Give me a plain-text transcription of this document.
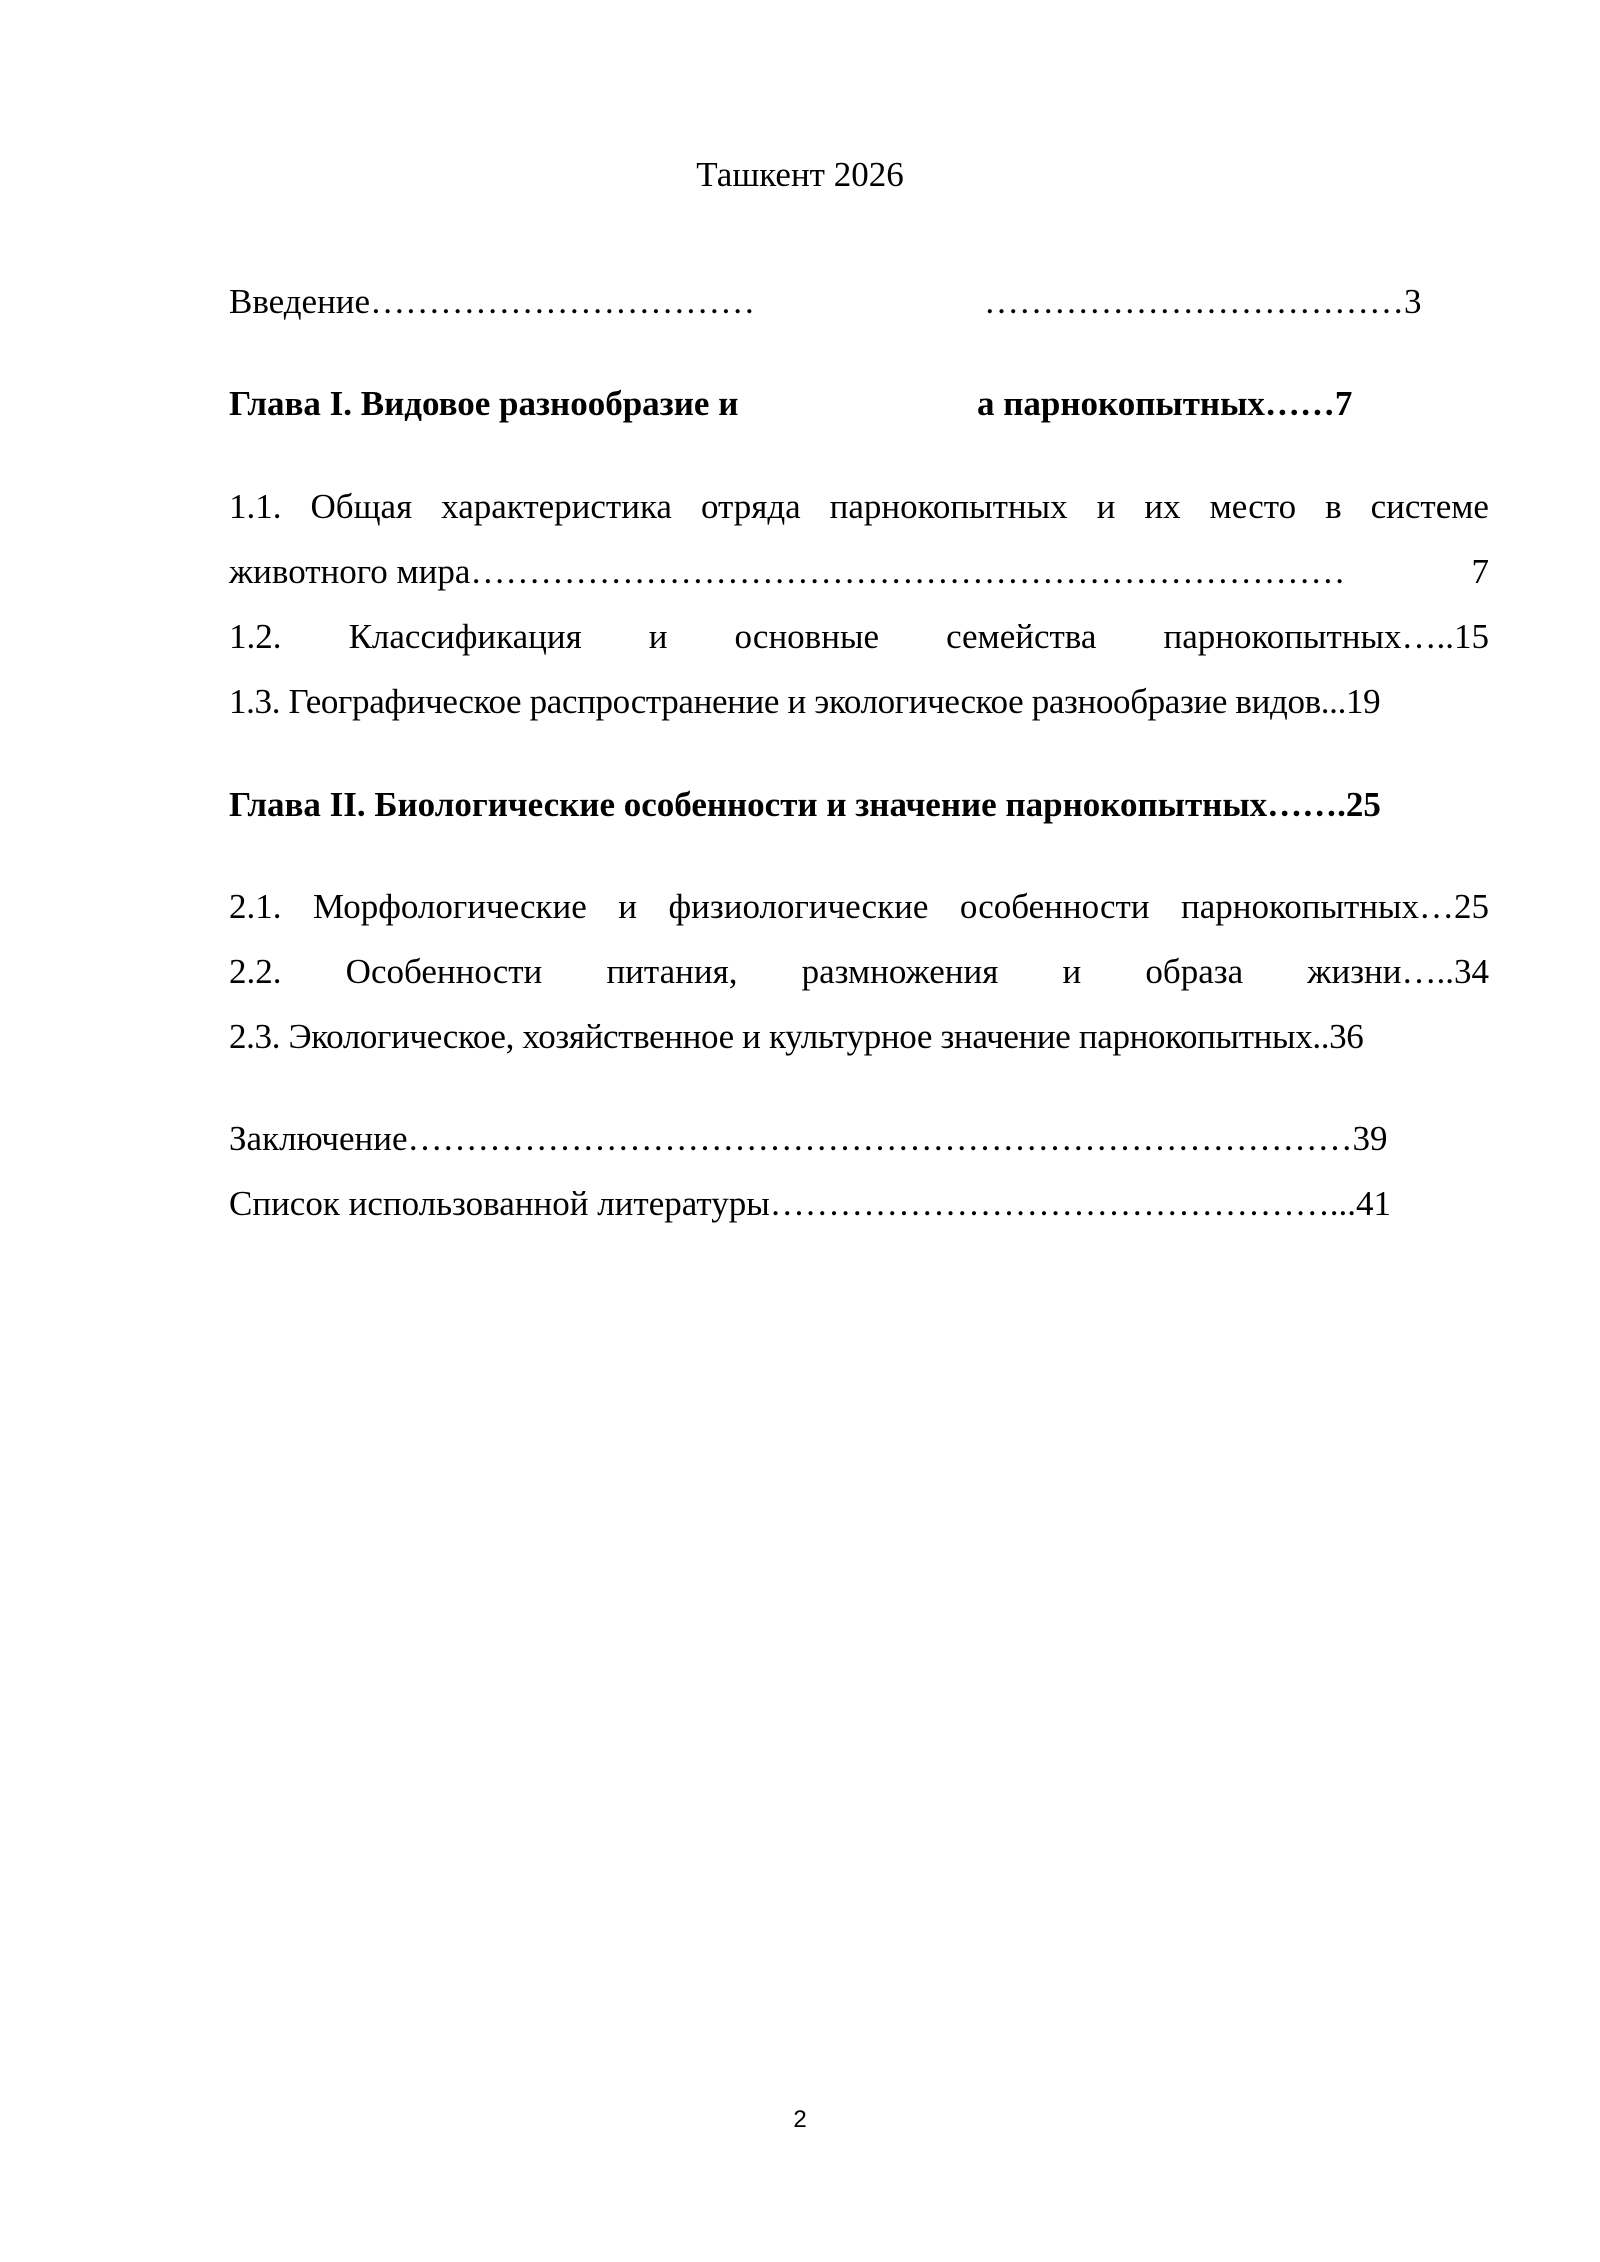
Ташкент 2026
Введение……………………………	………………………………3
Глава I. Видовое разнообразие и	а парнокопытных……7
1.1. Общая характеристика отряда парнокопытных и их место в системе
животного мира …………………………………………………………………	7
1.2. Классификация и основные семейства парнокопытных…..15
1.3. Географическое распространение и экологическое разнообразие видов...19
Глава II. Биологические особенности и значение парнокопытных…….25
2.1. Морфологические и физиологические особенности парнокопытных…25
2.2. Особенности питания, размножения и образа жизни…..34
2.3. Экологическое, хозяйственное и культурное значение парнокопытных..36
Заключение………………………………………………………………………39
Список использованной литературы…………………………………………...41
2
